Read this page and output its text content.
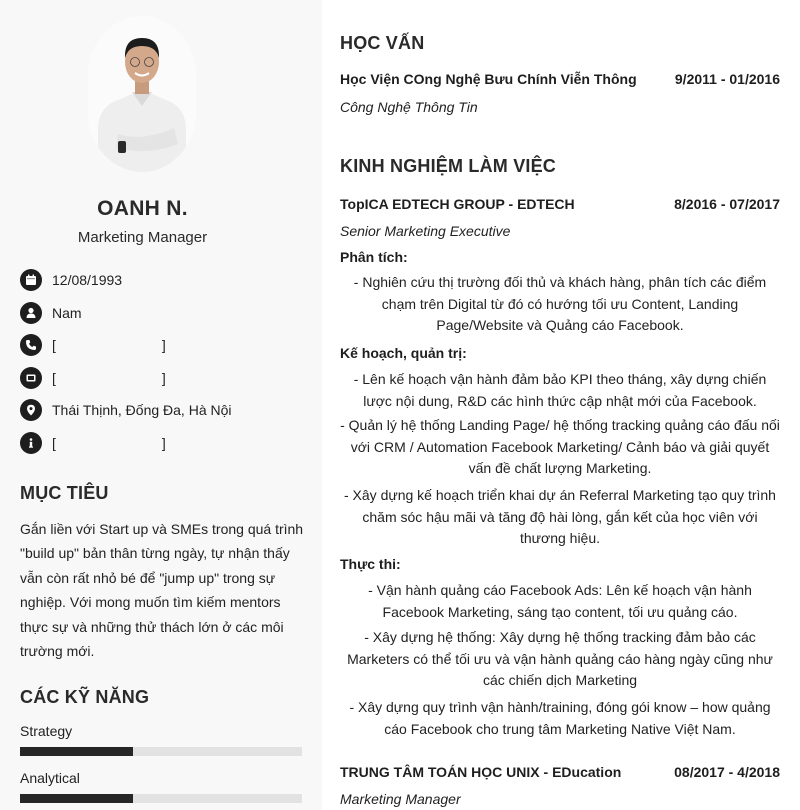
OANH N.
Marketing Manager
12/08/1993
Nam
[	]
[	]
Thái Thịnh, Đống Đa, Hà Nội
[	]
MỤC TIÊU
Gắn liền với Start up và SMEs trong quá trình "build up" bản thân từng ngày, tự nhận thấy vẫn còn rất nhỏ bé để "jump up" trong sự nghiệp. Với mong muốn tìm kiếm mentors thực sự và những thử thách lớn ở các môi trường mới.
CÁC KỸ NĂNG
Strategy
Analytical
HỌC VẤN
Học Viện COng Nghệ Bưu Chính Viễn Thông	9/2011 - 01/2016
Công Nghệ Thông Tin
KINH NGHIỆM LÀM VIỆC
TopICA EDTECH GROUP - EDTECH	8/2016 - 07/2017
Senior Marketing Executive
Phân tích:
- Nghiên cứu thị trường đối thủ và khách hàng, phân tích các điểm chạm trên Digital từ đó có hướng tối ưu Content, Landing Page/Website và Quảng cáo Facebook.
Kế hoạch, quản trị:
- Lên kế hoạch vận hành đảm bảo KPI theo tháng, xây dựng chiến lược nội dung, R&D các hình thức cập nhật mới của Facebook.
- Quản lý hệ thống Landing Page/ hệ thống tracking quảng cáo đấu nối với CRM / Automation Facebook Marketing/ Cảnh báo và giải quyết vấn đề chất lượng Marketing.
- Xây dựng kế hoạch triển khai dự án Referral Marketing tạo quy trình chăm sóc hậu mãi và tăng độ hài lòng, gắn kết của học viên với thương hiệu.
Thực thi:
- Vận hành quảng cáo Facebook Ads: Lên kế hoạch vận hành Facebook Marketing, sáng tạo content, tối ưu quảng cáo.
- Xây dựng hệ thống: Xây dựng hệ thống tracking đảm bảo các Marketers có thể tối ưu và vận hành quảng cáo hàng ngày cũng như các chiến dịch Marketing
- Xây dựng quy trình vận hành/training, đóng gói know – how quảng cáo Facebook cho trung tâm Marketing Native Việt Nam.
TRUNG TÂM TOÁN HỌC UNIX - EDucation	08/2017 - 4/2018
Marketing Manager
